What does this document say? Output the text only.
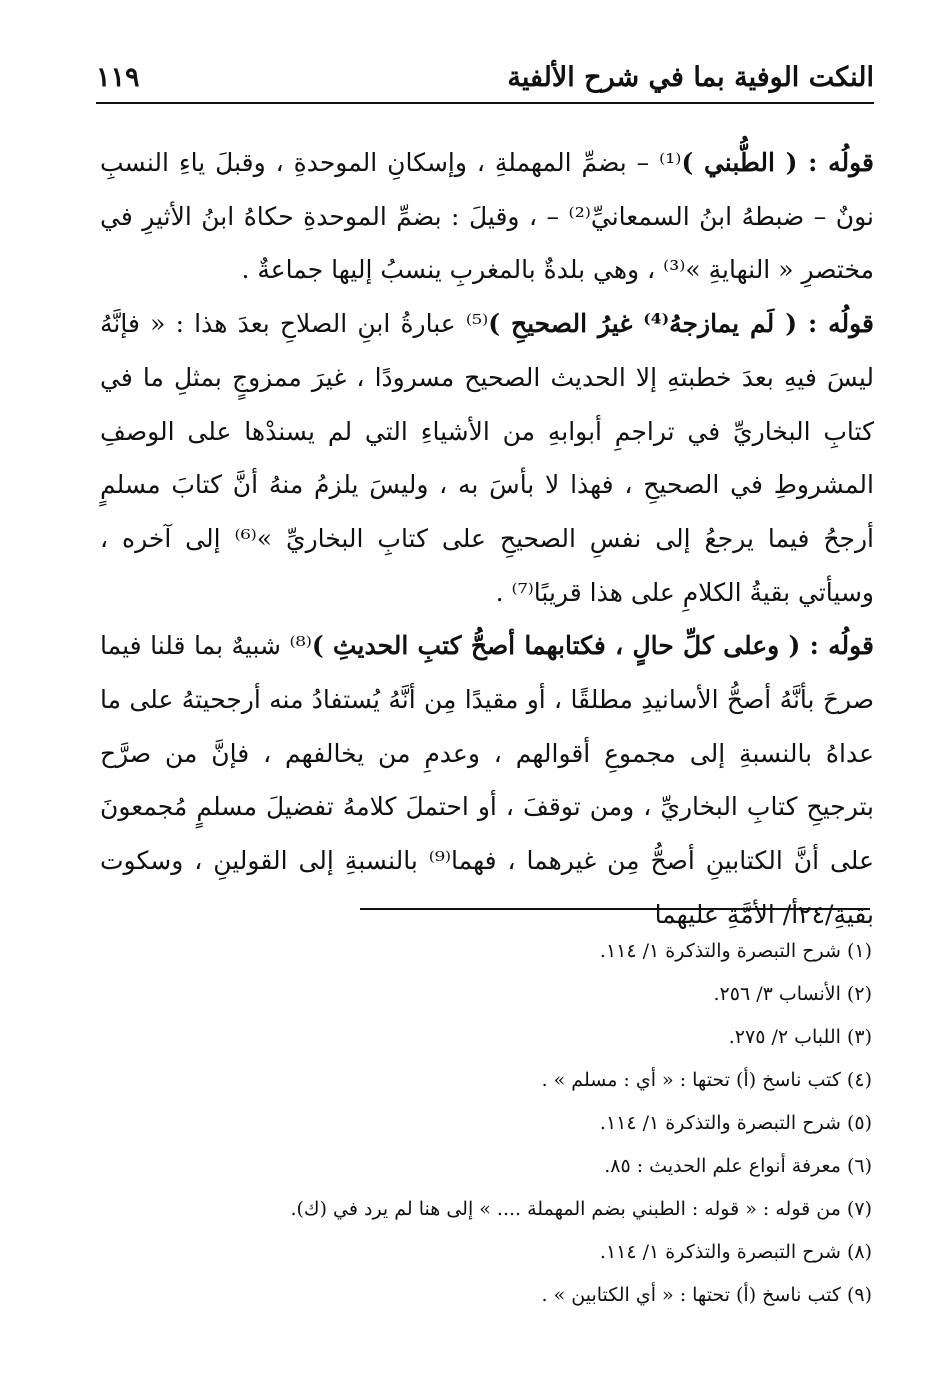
النكت الوفية بما في شرح الألفية
١١٩

قولُه : ( الطُّبني )⁽¹⁾ – بضمِّ المهملةِ ، وإسكانِ الموحدةِ ، وقبلَ ياءِ النسبِ نونٌ – ضبطهُ ابنُ السمعانيِّ⁽²⁾ – ، وقيلَ : بضمِّ الموحدةِ حكاهُ ابنُ الأثيرِ في مختصرِ « النهايةِ »⁽³⁾ ، وهي بلدةٌ بالمغربِ ينسبُ إليها جماعةٌ .

قولُه : ( لَم يمازجهُ⁽⁴⁾ غيرُ الصحيحِ )⁽⁵⁾ عبارةُ ابنِ الصلاحِ بعدَ هذا : « فإنَّهُ ليسَ فيهِ بعدَ خطبتهِ إلا الحديث الصحيح مسرودًا ، غيرَ ممزوجٍ بمثلِ ما في كتابِ البخاريِّ في تراجمِ أبوابهِ من الأشياءِ التي لم يسندْها على الوصفِ المشروطِ في الصحيحِ ، فهذا لا بأسَ به ، وليسَ يلزمُ منهُ أنَّ كتابَ مسلمٍ أرجحُ فيما يرجعُ إلى نفسِ الصحيحِ على كتابِ البخاريِّ »⁽⁶⁾ إلى آخره ، وسيأتي بقيةُ الكلامِ على هذا قريبًا⁽⁷⁾ .

قولُه : ( وعلى كلِّ حالٍ ، فكتابهما أصحُّ كتبِ الحديثِ )⁽⁸⁾ شبيهٌ بما قلنا فيما صرحَ بأنَّهُ أصحُّ الأسانيدِ مطلقًا ، أو مقيدًا مِن أنَّهُ يُستفادُ منه أرجحيتهُ على ما عداهُ بالنسبةِ إلى مجموعِ أقوالهم ، وعدمِ من يخالفهم ، فإنَّ من صرَّح بترجيحِ كتابِ البخاريِّ ، ومن توقفَ ، أو احتملَ كلامهُ تفضيلَ مسلمٍ مُجمعونَ على أنَّ الكتابينِ أصحُّ مِن غيرهما ، فهما⁽⁹⁾ بالنسبةِ إلى القولينِ ، وسكوت بقيةِ/٢٤أ/ الأمَّةِ عليهما

(١) شرح التبصرة والتذكرة ١/ ١١٤.
(٢) الأنساب ٣/ ٢٥٦.
(٣) اللباب ٢/ ٢٧٥.
(٤) كتب ناسخ (أ) تحتها : « أي : مسلم » .
(٥) شرح التبصرة والتذكرة ١/ ١١٤.
(٦) معرفة أنواع علم الحديث : ٨٥.
(٧) من قوله : « قوله : الطبني بضم المهملة .... » إلى هنا لم يرد في (ك).
(٨) شرح التبصرة والتذكرة ١/ ١١٤.
(٩) كتب ناسخ (أ) تحتها : « أي الكتابين » .
